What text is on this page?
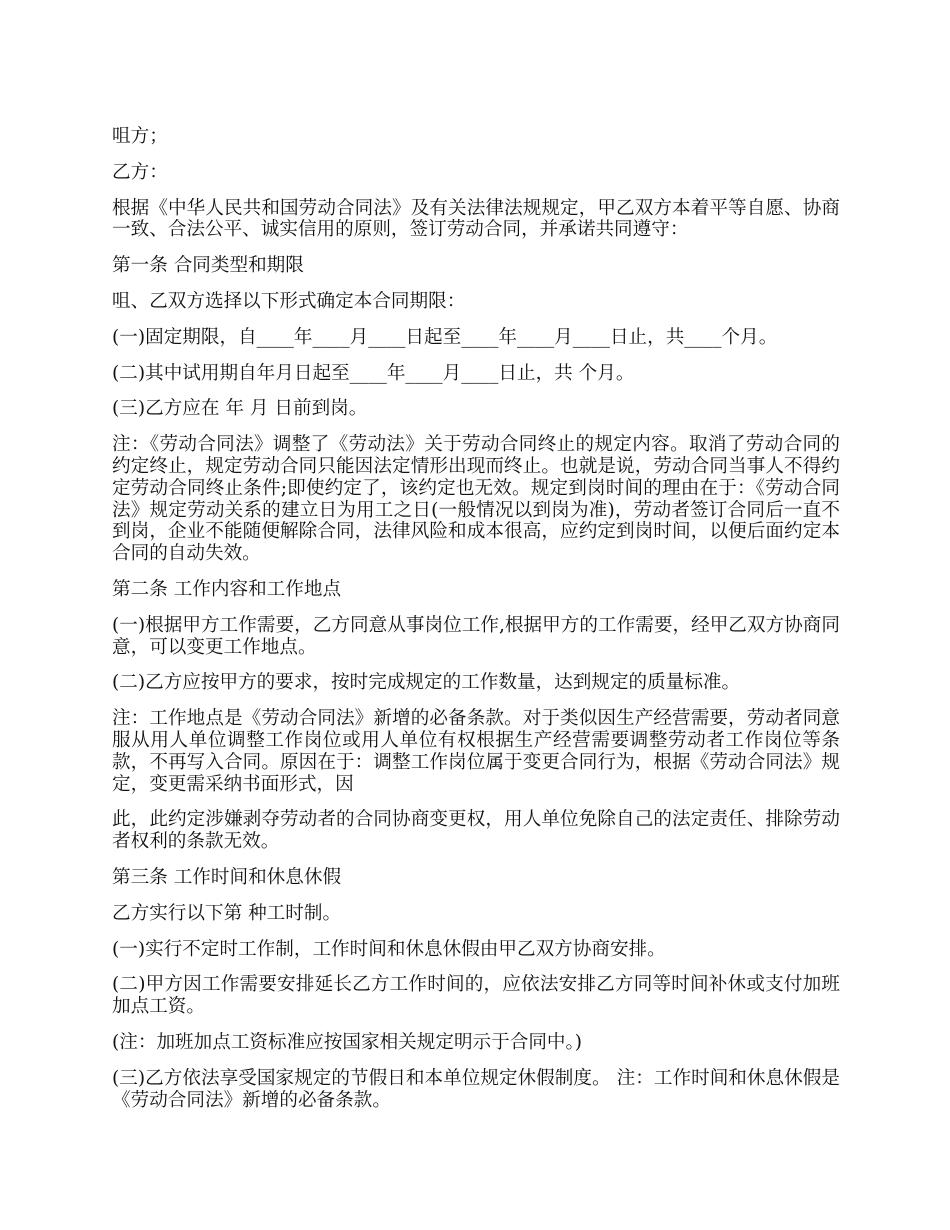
咀方；

乙方：

根据《中华人民共和国劳动合同法》及有关法律法规规定，甲乙双方本着平等自愿、协商一致、合法公平、诚实信用的原则，签订劳动合同，并承诺共同遵守：

第一条 合同类型和期限

咀、乙双方选择以下形式确定本合同期限：

(一)固定期限，自____年____月____日起至____年____月____日止，共____个月。

(二)其中试用期自年月日起至____年____月____日止，共 个月。

(三)乙方应在 年 月 日前到岗。

注：《劳动合同法》调整了《劳动法》关于劳动合同终止的规定内容。取消了劳动合同的约定终止，规定劳动合同只能因法定情形出现而终止。也就是说，劳动合同当事人不得约定劳动合同终止条件;即使约定了，该约定也无效。规定到岗时间的理由在于：《劳动合同法》规定劳动关系的建立日为用工之日(一般情况以到岗为准)，劳动者签订合同后一直不到岗，企业不能随便解除合同，法律风险和成本很高，应约定到岗时间，以便后面约定本合同的自动失效。

第二条 工作内容和工作地点

(一)根据甲方工作需要，乙方同意从事岗位工作,根据甲方的工作需要，经甲乙双方协商同意，可以变更工作地点。

(二)乙方应按甲方的要求，按时完成规定的工作数量，达到规定的质量标准。

注：工作地点是《劳动合同法》新增的必备条款。对于类似因生产经营需要，劳动者同意服从用人单位调整工作岗位或用人单位有权根据生产经营需要调整劳动者工作岗位等条款，不再写入合同。原因在于：调整工作岗位属于变更合同行为，根据《劳动合同法》规定，变更需采纳书面形式，因

此，此约定涉嫌剥夺劳动者的合同协商变更权，用人单位免除自己的法定责任、排除劳动者权利的条款无效。

第三条 工作时间和休息休假

乙方实行以下第 种工时制。

(一)实行不定时工作制，工作时间和休息休假由甲乙双方协商安排。

(二)甲方因工作需要安排延长乙方工作时间的，应依法安排乙方同等时间补休或支付加班加点工资。

(注：加班加点工资标准应按国家相关规定明示于合同中。)

(三)乙方依法享受国家规定的节假日和本单位规定休假制度。 注：工作时间和休息休假是《劳动合同法》新增的必备条款。
